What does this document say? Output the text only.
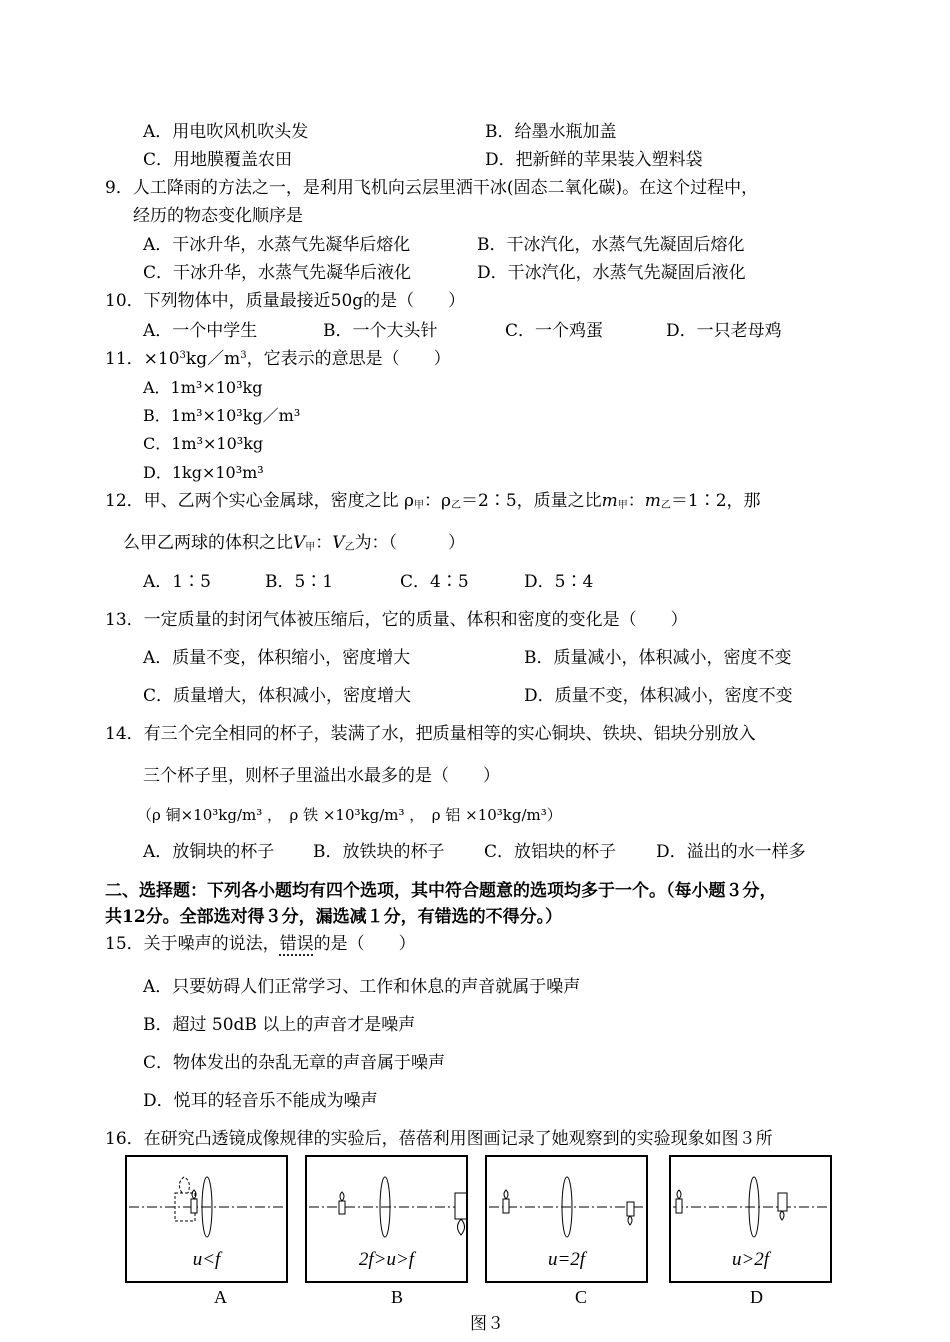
A．用电吹风机吹头发	B．给墨水瓶加盖
C．用地膜覆盖农田	D．把新鲜的苹果装入塑料袋
9．人工降雨的方法之一，是利用飞机向云层里洒干冰(固态二氧化碳)。在这个过程中，
经历的物态变化顺序是
A．干冰升华，水蒸气先凝华后熔化	B．干冰汽化，水蒸气先凝固后熔化
C．干冰升华，水蒸气先凝华后液化	D．干冰汽化，水蒸气先凝固后液化
10．下列物体中，质量最接近50g的是（　　）
A．一个中学生	B．一个大头针	C．一个鸡蛋	D．一只老母鸡
11．$\times 10^3kg/m^3$，它表示的意思是（　　）
A．1m³×10³kg
B．1m³×10³kg／m³
C．1m³×10³kg
D．1kg×10³m³
12．甲、乙两个实心金属球，密度之比 $\rho_甲$：$\rho_乙=2∶5$，质量之比$m_甲$：$m_乙=1∶2$，那
么甲乙两球的体积之比$V_甲$：$V_乙$为：（　　　）
A．1∶5	B．5∶1	C．4∶5	D．5∶4
13．一定质量的封闭气体被压缩后，它的质量、体积和密度的变化是（　　）
A．质量不变，体积缩小，密度增大	B．质量减小，体积减小，密度不变
C．质量增大，体积减小，密度增大	D．质量不变，体积减小，密度不变
14．有三个完全相同的杯子，装满了水，把质量相等的实心铜块、铁块、铝块分别放入
三个杯子里，则杯子里溢出水最多的是（　　）
（ρ 铜×10³kg/m³ ，　ρ 铁 ×10³kg/m³ ，　ρ 铝 ×10³kg/m³）
A．放铜块的杯子 B．放铁块的杯子 C．放铝块的杯子 D．溢出的水一样多
二、选择题：下列各小题均有四个选项，其中符合题意的选项均多于一个。（每小题３分，
共12分。全部选对得３分，漏选减１分，有错选的不得分。）
15．关于噪声的说法，错误的是（　　）
A．只要妨碍人们正常学习、工作和休息的声音就属于噪声
B．超过 50dB 以上的声音才是噪声
C．物体发出的杂乱无章的声音属于噪声
D．悦耳的轻音乐不能成为噪声
16．在研究凸透镜成像规律的实验后，蓓蓓利用图画记录了她观察到的实验现象如图３所
u<f
A
2f>u>f
B
u=2f
C
u>2f
D
图３
